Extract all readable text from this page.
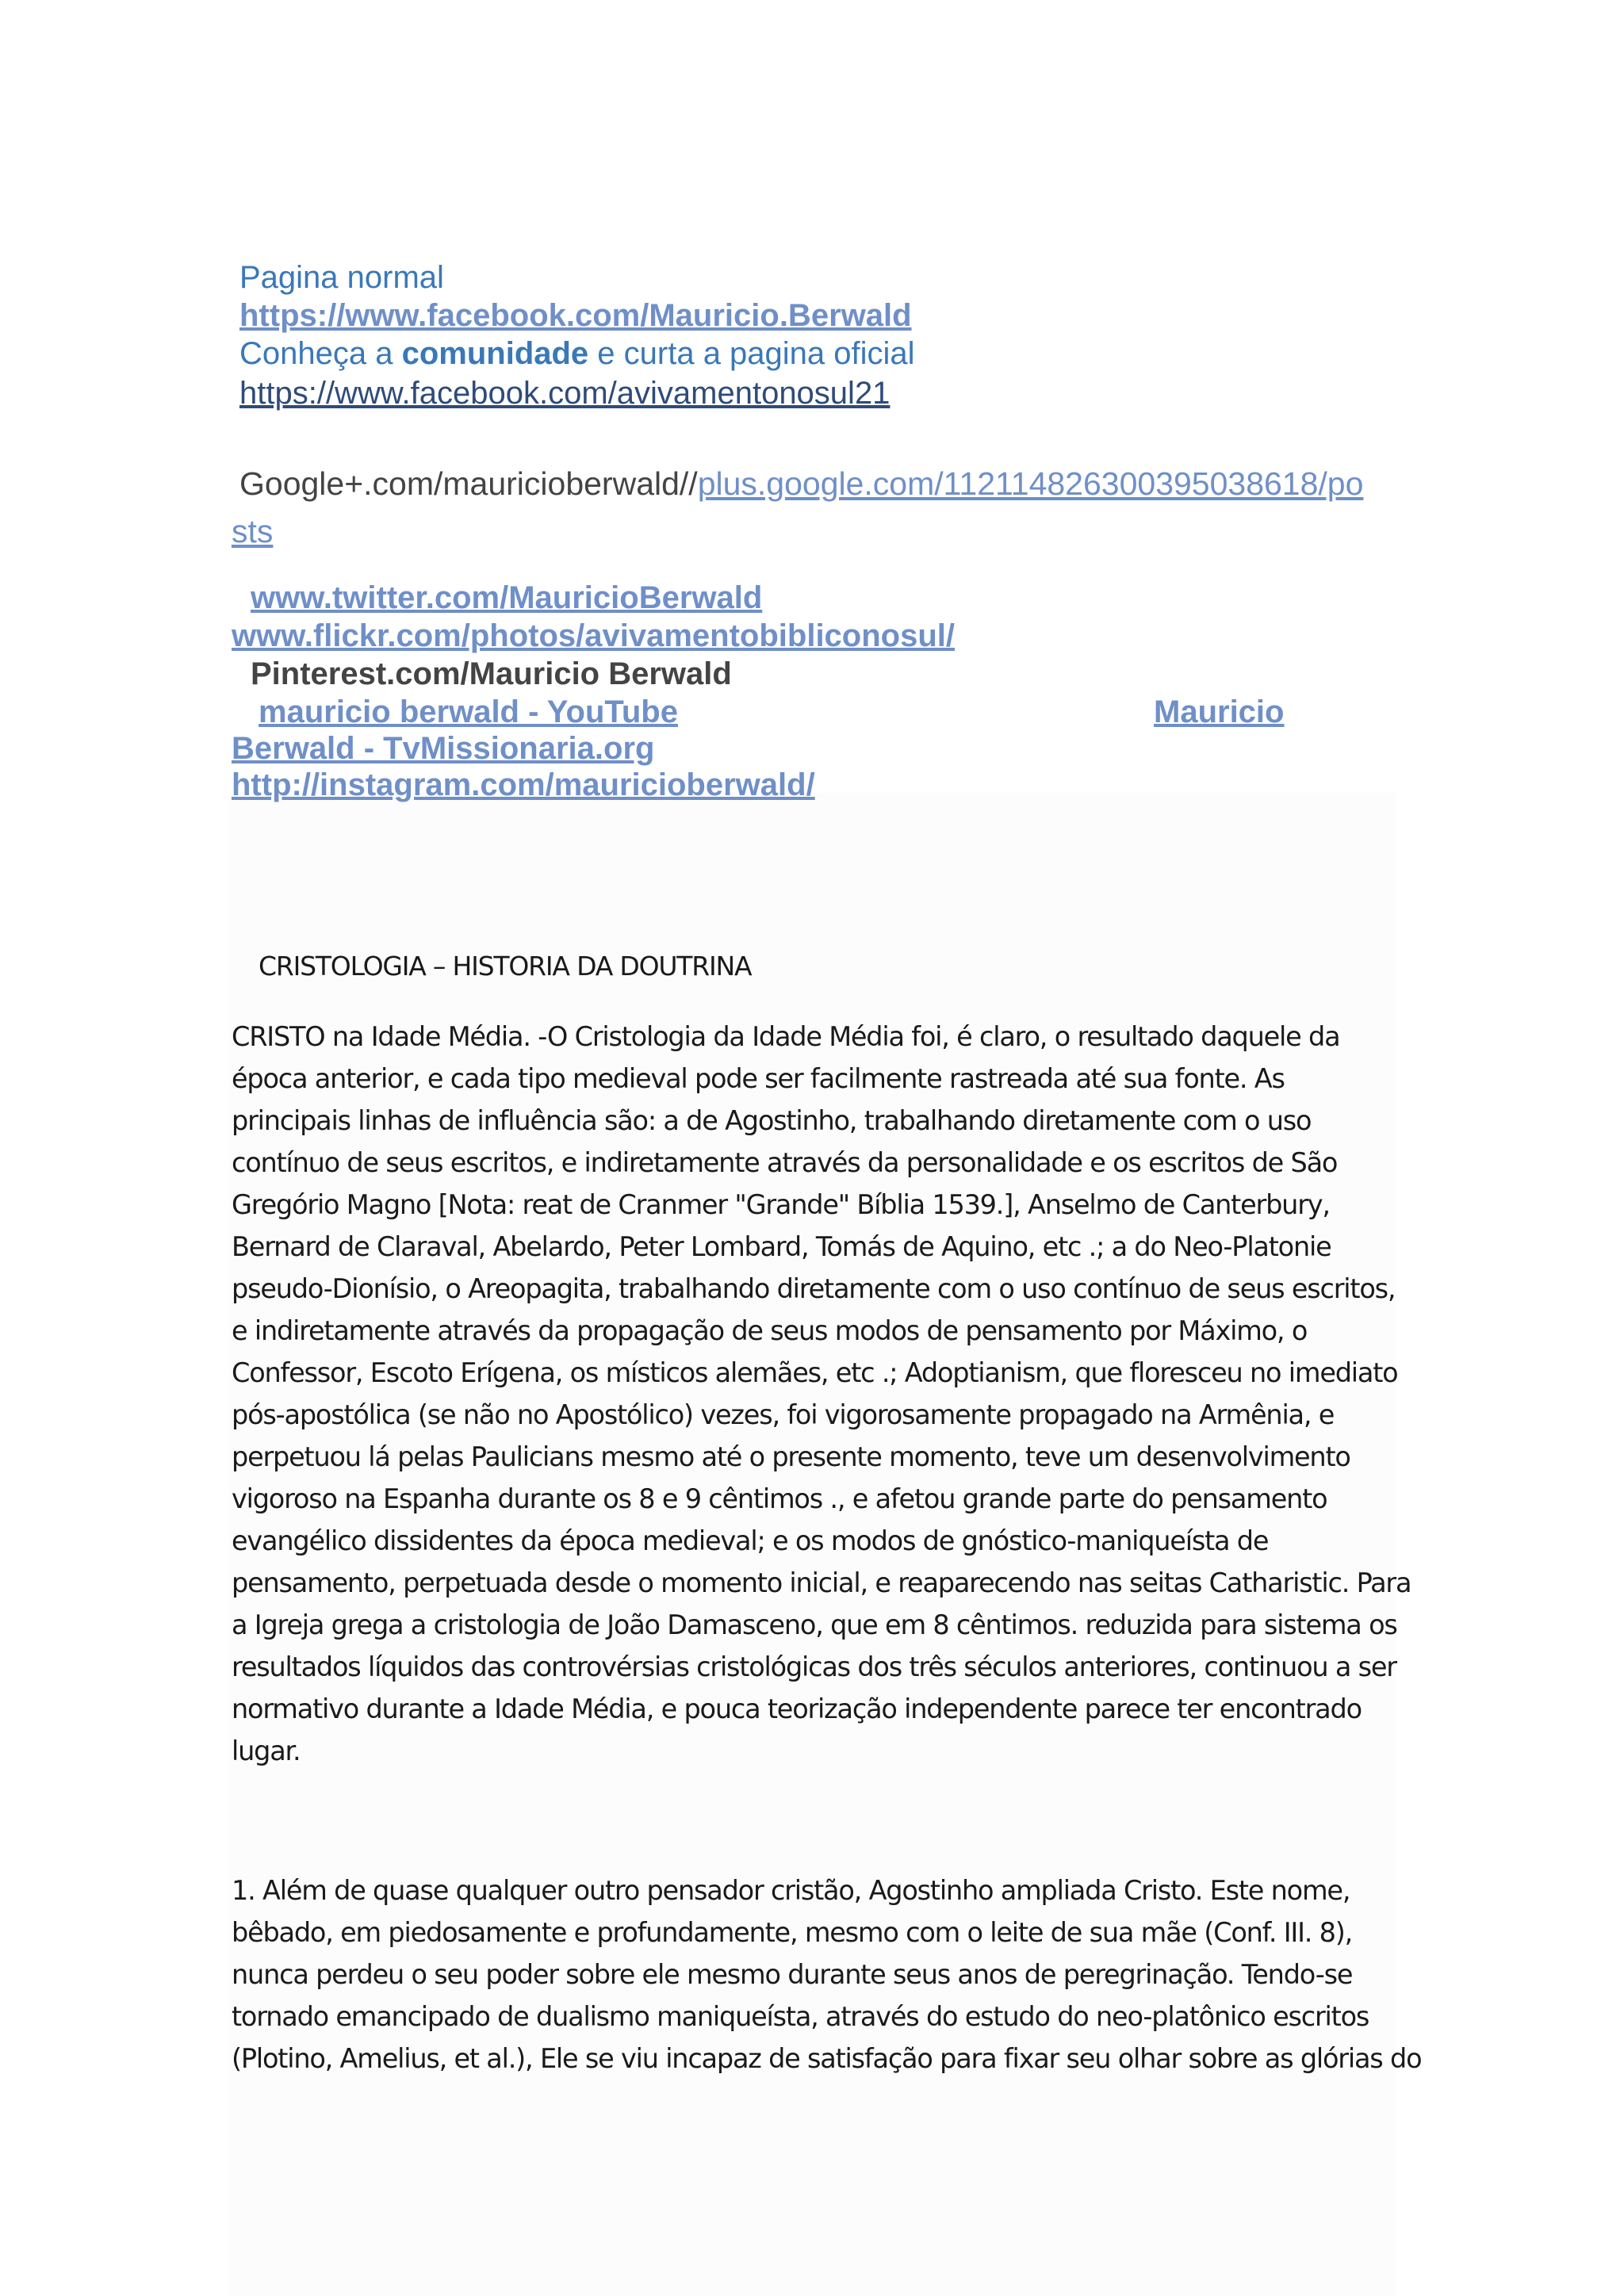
Pagina normal
https://www.facebook.com/Mauricio.Berwald
Conheça a comunidade e curta a pagina oficial
https://www.facebook.com/avivamentonosul21
Google+.com/mauricioberwald//plus.google.com/112114826300395038618/po
sts
www.twitter.com/MauricioBerwald
www.flickr.com/photos/avivamentobibliconosul/
Pinterest.com/Mauricio Berwald
mauricio berwald - YouTube	Mauricio
Berwald - TvMissionaria.org
http://instagram.com/mauricioberwald/
CRISTOLOGIA – HISTORIA DA DOUTRINA
CRISTO na Idade Média. -O Cristologia da Idade Média foi, é claro, o resultado daquele da
época anterior, e cada tipo medieval pode ser facilmente rastreada até sua fonte. As
principais linhas de influência são: a de Agostinho, trabalhando diretamente com o uso
contínuo de seus escritos, e indiretamente através da personalidade e os escritos de São
Gregório Magno [Nota: reat de Cranmer "Grande" Bíblia 1539.], Anselmo de Canterbury,
Bernard de Claraval, Abelardo, Peter Lombard, Tomás de Aquino, etc .; a do Neo-Platonie
pseudo-Dionísio, o Areopagita, trabalhando diretamente com o uso contínuo de seus escritos,
e indiretamente através da propagação de seus modos de pensamento por Máximo, o
Confessor, Escoto Erígena, os místicos alemães, etc .; Adoptianism, que floresceu no imediato
pós-apostólica (se não no Apostólico) vezes, foi vigorosamente propagado na Armênia, e
perpetuou lá pelas Paulicians mesmo até o presente momento, teve um desenvolvimento
vigoroso na Espanha durante os 8 e 9 cêntimos ., e afetou grande parte do pensamento
evangélico dissidentes da época medieval; e os modos de gnóstico-maniqueísta de
pensamento, perpetuada desde o momento inicial, e reaparecendo nas seitas Catharistic. Para
a Igreja grega a cristologia de João Damasceno, que em 8 cêntimos. reduzida para sistema os
resultados líquidos das controvérsias cristológicas dos três séculos anteriores, continuou a ser
normativo durante a Idade Média, e pouca teorização independente parece ter encontrado
lugar.
1. Além de quase qualquer outro pensador cristão, Agostinho ampliada Cristo. Este nome,
bêbado, em piedosamente e profundamente, mesmo com o leite de sua mãe (Conf. III. 8),
nunca perdeu o seu poder sobre ele mesmo durante seus anos de peregrinação. Tendo-se
tornado emancipado de dualismo maniqueísta, através do estudo do neo-platônico escritos
(Plotino, Amelius, et al.), Ele se viu incapaz de satisfação para fixar seu olhar sobre as glórias do
